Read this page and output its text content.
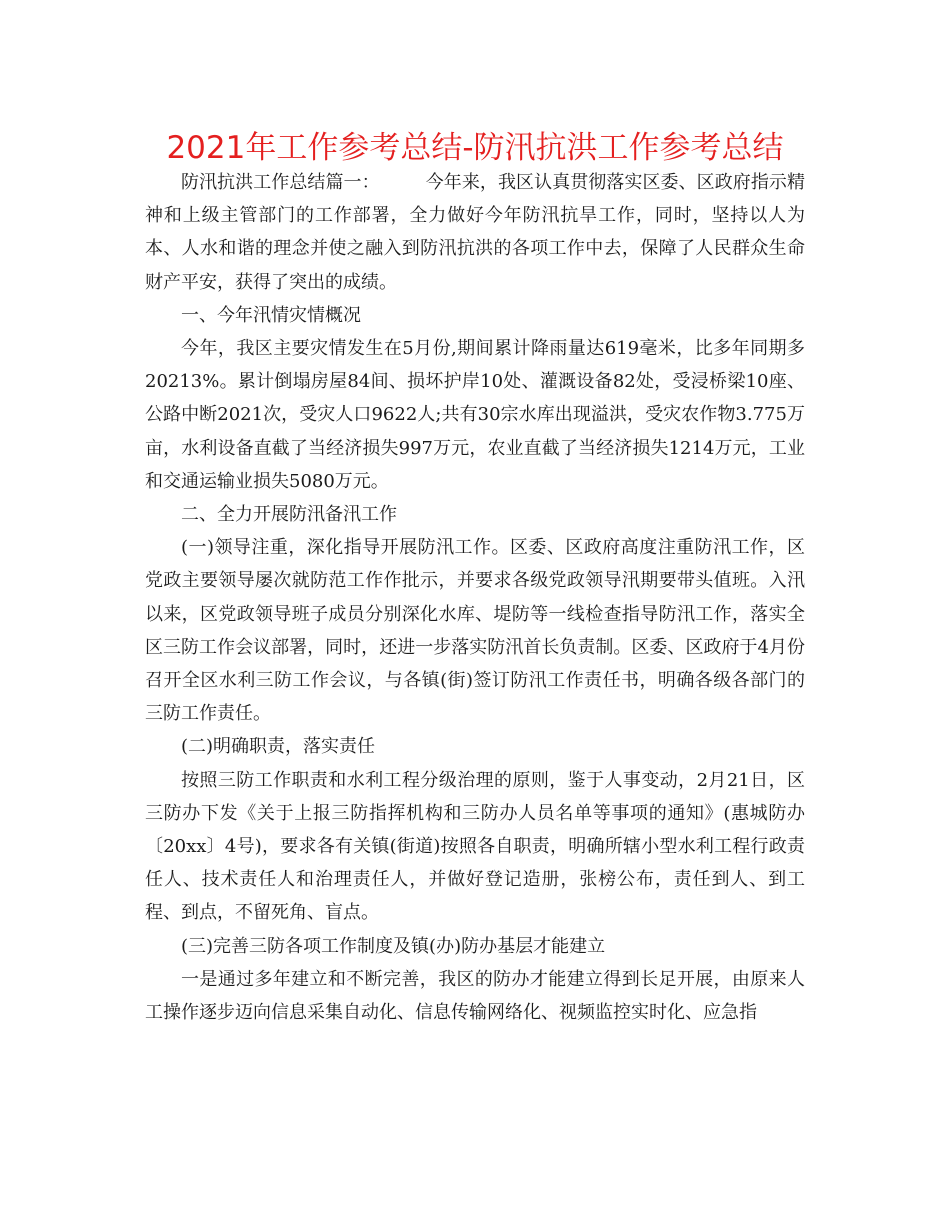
2021年工作参考总结-防汛抗洪工作参考总结

防汛抗洪工作总结篇一：	今年来，我区认真贯彻落实区委、区政府指示精神和上级主管部门的工作部署，全力做好今年防汛抗旱工作，同时，坚持以人为本、人水和谐的理念并使之融入到防汛抗洪的各项工作中去，保障了人民群众生命财产平安，获得了突出的成绩。

一、今年汛情灾情概况

今年，我区主要灾情发生在5月份,期间累计降雨量达619毫米，比多年同期多20213%。累计倒塌房屋84间、损坏护岸10处、灌溉设备82处，受浸桥梁10座、公路中断2021次，受灾人口9622人;共有30宗水库出现溢洪，受灾农作物3.775万亩，水利设备直截了当经济损失997万元，农业直截了当经济损失1214万元，工业和交通运输业损失5080万元。

二、全力开展防汛备汛工作

(一)领导注重，深化指导开展防汛工作。区委、区政府高度注重防汛工作，区党政主要领导屡次就防范工作作批示，并要求各级党政领导汛期要带头值班。入汛以来，区党政领导班子成员分别深化水库、堤防等一线检查指导防汛工作，落实全区三防工作会议部署，同时，还进一步落实防汛首长负责制。区委、区政府于4月份召开全区水利三防工作会议，与各镇(街)签订防汛工作责任书，明确各级各部门的三防工作责任。

(二)明确职责，落实责任

按照三防工作职责和水利工程分级治理的原则，鉴于人事变动，2月21日，区三防办下发《关于上报三防指挥机构和三防办人员名单等事项的通知》(惠城防办〔20xx〕4号)，要求各有关镇(街道)按照各自职责，明确所辖小型水利工程行政责任人、技术责任人和治理责任人，并做好登记造册，张榜公布，责任到人、到工程、到点，不留死角、盲点。

(三)完善三防各项工作制度及镇(办)防办基层才能建立

一是通过多年建立和不断完善，我区的防办才能建立得到长足开展，由原来人工操作逐步迈向信息采集自动化、信息传输网络化、视频监控实时化、应急指
